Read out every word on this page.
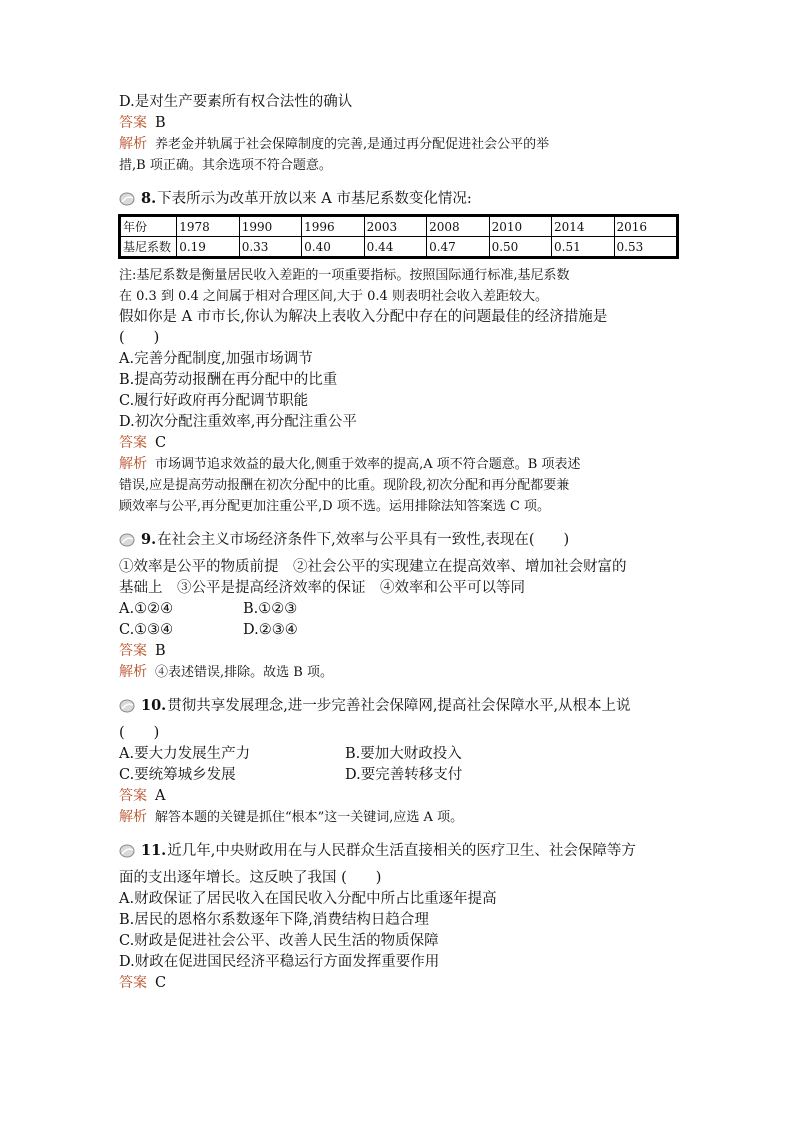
D.是对生产要素所有权合法性的确认
答案 B
解析 养老金并轨属于社会保障制度的完善,是通过再分配促进社会公平的举
措,B 项正确。其余选项不符合题意。
8. 下表所示为改革开放以来 A 市基尼系数变化情况:
年份	1978	1990	1996	2003	2008	2010	2014	2016
基尼系数	0.19	0.33	0.40	0.44	0.47	0.50	0.51	0.53
注:基尼系数是衡量居民收入差距的一项重要指标。按照国际通行标准,基尼系数
在 0.3 到 0.4 之间属于相对合理区间,大于 0.4 则表明社会收入差距较大。
假如你是 A 市市长,你认为解决上表收入分配中存在的问题最佳的经济措施是
(　　)
A.完善分配制度,加强市场调节
B.提高劳动报酬在再分配中的比重
C.履行好政府再分配调节职能
D.初次分配注重效率,再分配注重公平
答案 C
解析 市场调节追求效益的最大化,侧重于效率的提高,A 项不符合题意。B 项表述
错误,应是提高劳动报酬在初次分配中的比重。现阶段,初次分配和再分配都要兼
顾效率与公平,再分配更加注重公平,D 项不选。运用排除法知答案选 C 项。
9. 在社会主义市场经济条件下,效率与公平具有一致性,表现在(　　)
①效率是公平的物质前提　②社会公平的实现建立在提高效率、增加社会财富的
基础上　③公平是提高经济效率的保证　④效率和公平可以等同
A.①②④	B.①②③
C.①③④	D.②③④
答案 B
解析 ④表述错误,排除。故选 B 项。
10. 贯彻共享发展理念,进一步完善社会保障网,提高社会保障水平,从根本上说
(　　)
A.要大力发展生产力	B.要加大财政投入
C.要统筹城乡发展	D.要完善转移支付
答案 A
解析 解答本题的关键是抓住“根本”这一关键词,应选 A 项。
11. 近几年,中央财政用在与人民群众生活直接相关的医疗卫生、社会保障等方
面的支出逐年增长。这反映了我国 (　　)
A.财政保证了居民收入在国民收入分配中所占比重逐年提高
B.居民的恩格尔系数逐年下降,消费结构日趋合理
C.财政是促进社会公平、改善人民生活的物质保障
D.财政在促进国民经济平稳运行方面发挥重要作用
答案 C
